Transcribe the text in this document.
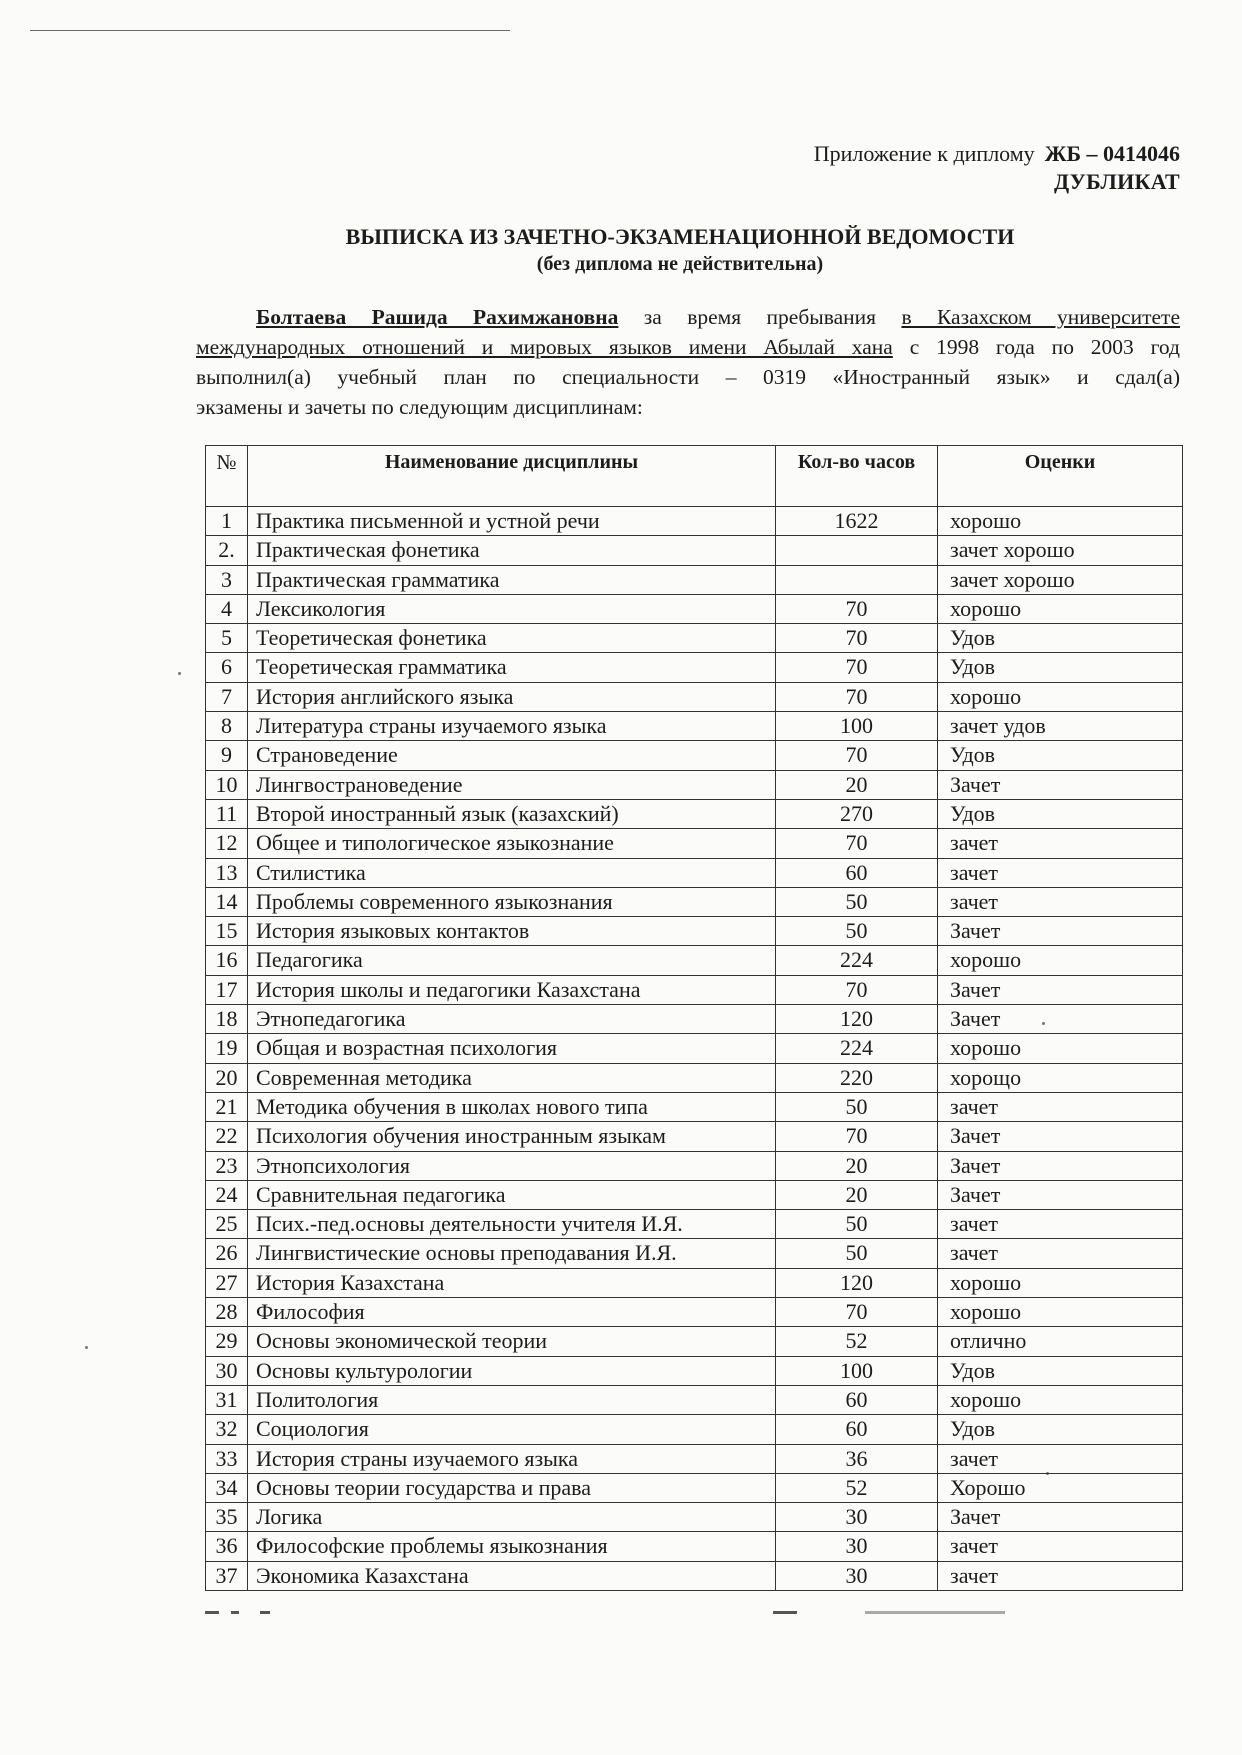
Приложение к диплому ЖБ – 0414046
ДУБЛИКАТ
ВЫПИСКА ИЗ ЗАЧЕТНО-ЭКЗАМЕНАЦИОННОЙ ВЕДОМОСТИ
(без диплома не действительна)
Болтаева Рашида Рахимжановна за время пребывания в Казахском университете
международных отношений и мировых языков имени Абылай хана с 1998 года по 2003 год
выполнил(а) учебный план по специальности – 0319 «Иностранный язык» и сдал(а)
экзамены и зачеты по следующим дисциплинам:
№	Наименование дисциплины	Кол-во часов	Оценки
1	Практика письменной и устной речи	1622	хорошо
2.	Практическая фонетика		зачет хорошо
3	Практическая грамматика		зачет хорошо
4	Лексикология	70	хорошо
5	Теоретическая фонетика	70	Удов
6	Теоретическая грамматика	70	Удов
7	История английского языка	70	хорошо
8	Литература страны изучаемого языка	100	зачет удов
9	Страноведение	70	Удов
10	Лингвострановедение	20	Зачет
11	Второй иностранный язык (казахский)	270	Удов
12	Общее и типологическое языкознание	70	зачет
13	Стилистика	60	зачет
14	Проблемы современного языкознания	50	зачет
15	История языковых контактов	50	Зачет
16	Педагогика	224	хорошо
17	История школы и педагогики Казахстана	70	Зачет
18	Этнопедагогика	120	Зачет
19	Общая и возрастная психология	224	хорошо
20	Современная методика	220	хорощо
21	Методика обучения в школах нового типа	50	зачет
22	Психология обучения иностранным языкам	70	Зачет
23	Этнопсихология	20	Зачет
24	Сравнительная педагогика	20	Зачет
25	Псих.-пед.основы деятельности учителя И.Я.	50	зачет
26	Лингвистические основы преподавания И.Я.	50	зачет
27	История Казахстана	120	хорошо
28	Философия	70	хорошо
29	Основы экономической теории	52	отлично
30	Основы культурологии	100	Удов
31	Политология	60	хорошо
32	Социология	60	Удов
33	История страны изучаемого языка	36	зачет
34	Основы теории государства и права	52	Хорошо
35	Логика	30	Зачет
36	Философские проблемы языкознания	30	зачет
37	Экономика Казахстана	30	зачет
